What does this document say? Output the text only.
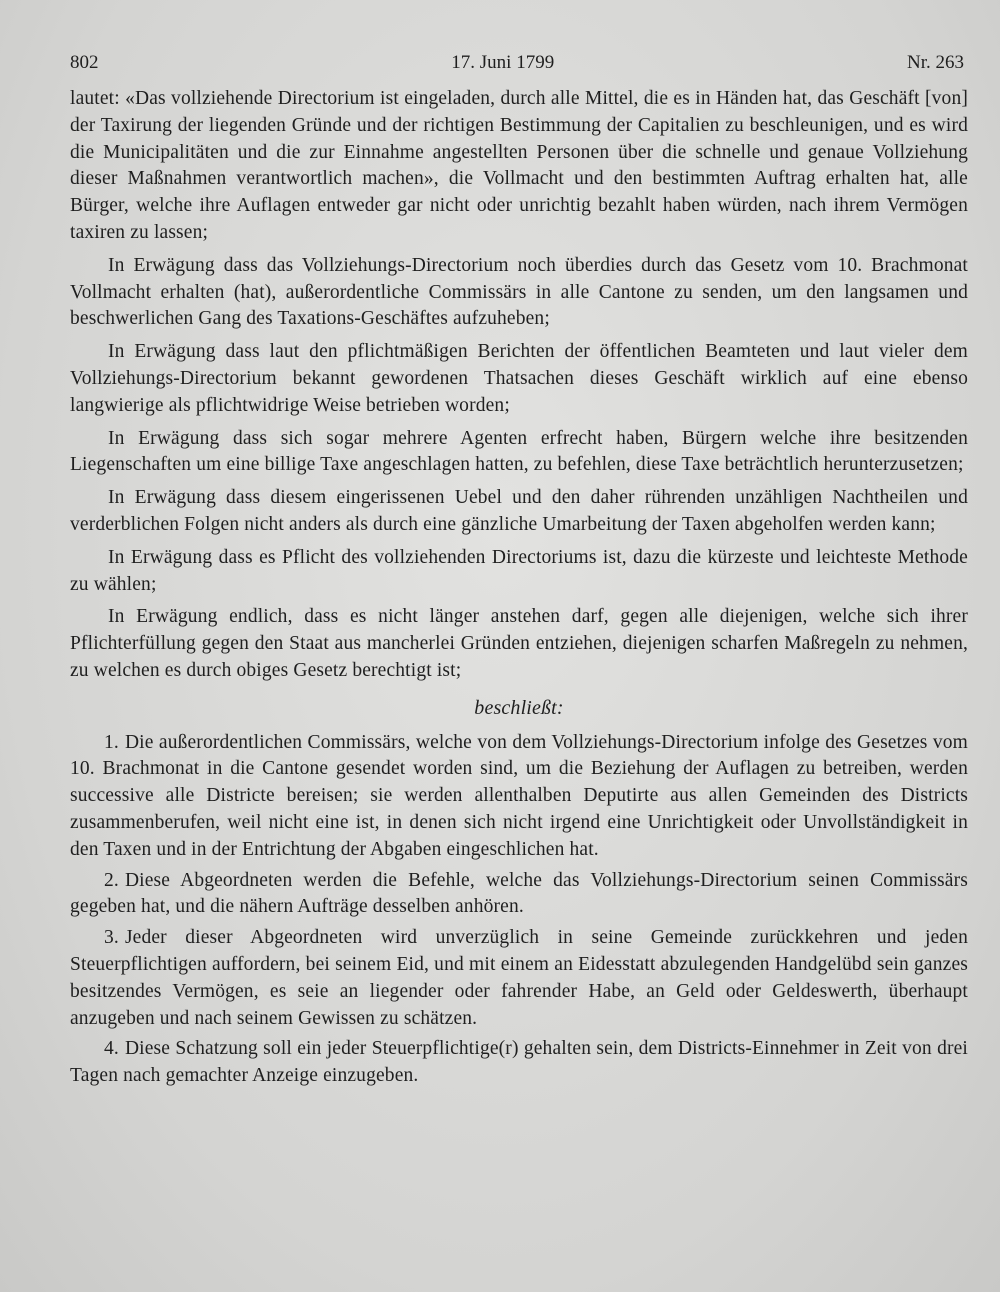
802	17. Juni 1799	Nr. 263

lautet: «Das vollziehende Directorium ist eingeladen, durch alle Mittel, die es in Händen hat, das Geschäft [von] der Taxirung der liegenden Gründe und der richtigen Bestimmung der Capitalien zu beschleunigen, und es wird die Municipalitäten und die zur Einnahme angestellten Personen über die schnelle und genaue Vollziehung dieser Maßnahmen verantwortlich machen», die Vollmacht und den bestimmten Auftrag erhalten hat, alle Bürger, welche ihre Auflagen entweder gar nicht oder unrichtig bezahlt haben würden, nach ihrem Vermögen taxiren zu lassen;

In Erwägung dass das Vollziehungs-Directorium noch überdies durch das Gesetz vom 10. Brachmonat Vollmacht erhalten (hat), außerordentliche Commissärs in alle Cantone zu senden, um den langsamen und beschwerlichen Gang des Taxations-Geschäftes aufzuheben;

In Erwägung dass laut den pflichtmäßigen Berichten der öffentlichen Beamteten und laut vieler dem Vollziehungs-Directorium bekannt gewordenen Thatsachen dieses Geschäft wirklich auf eine ebenso langwierige als pflichtwidrige Weise betrieben worden;

In Erwägung dass sich sogar mehrere Agenten erfrecht haben, Bürgern welche ihre besitzenden Liegenschaften um eine billige Taxe angeschlagen hatten, zu befehlen, diese Taxe beträchtlich herunterzusetzen;

In Erwägung dass diesem eingerissenen Uebel und den daher rührenden unzähligen Nachtheilen und verderblichen Folgen nicht anders als durch eine gänzliche Umarbeitung der Taxen abgeholfen werden kann;

In Erwägung dass es Pflicht des vollziehenden Directoriums ist, dazu die kürzeste und leichteste Methode zu wählen;

In Erwägung endlich, dass es nicht länger anstehen darf, gegen alle diejenigen, welche sich ihrer Pflichterfüllung gegen den Staat aus mancherlei Gründen entziehen, diejenigen scharfen Maßregeln zu nehmen, zu welchen es durch obiges Gesetz berechtigt ist;

beschließt:

1. Die außerordentlichen Commissärs, welche von dem Vollziehungs-Directorium infolge des Gesetzes vom 10. Brachmonat in die Cantone gesendet worden sind, um die Beziehung der Auflagen zu betreiben, werden successive alle Districte bereisen; sie werden allenthalben Deputirte aus allen Gemeinden des Districts zusammenberufen, weil nicht eine ist, in denen sich nicht irgend eine Unrichtigkeit oder Unvollständigkeit in den Taxen und in der Entrichtung der Abgaben eingeschlichen hat.

2. Diese Abgeordneten werden die Befehle, welche das Vollziehungs-Directorium seinen Commissärs gegeben hat, und die nähern Aufträge desselben anhören.

3. Jeder dieser Abgeordneten wird unverzüglich in seine Gemeinde zurückkehren und jeden Steuerpflichtigen auffordern, bei seinem Eid, und mit einem an Eidesstatt abzulegenden Handgelübd sein ganzes besitzendes Vermögen, es seie an liegender oder fahrender Habe, an Geld oder Geldeswerth, überhaupt anzugeben und nach seinem Gewissen zu schätzen.

4. Diese Schatzung soll ein jeder Steuerpflichtige(r) gehalten sein, dem Districts-Einnehmer in Zeit von drei Tagen nach gemachter Anzeige einzugeben.
